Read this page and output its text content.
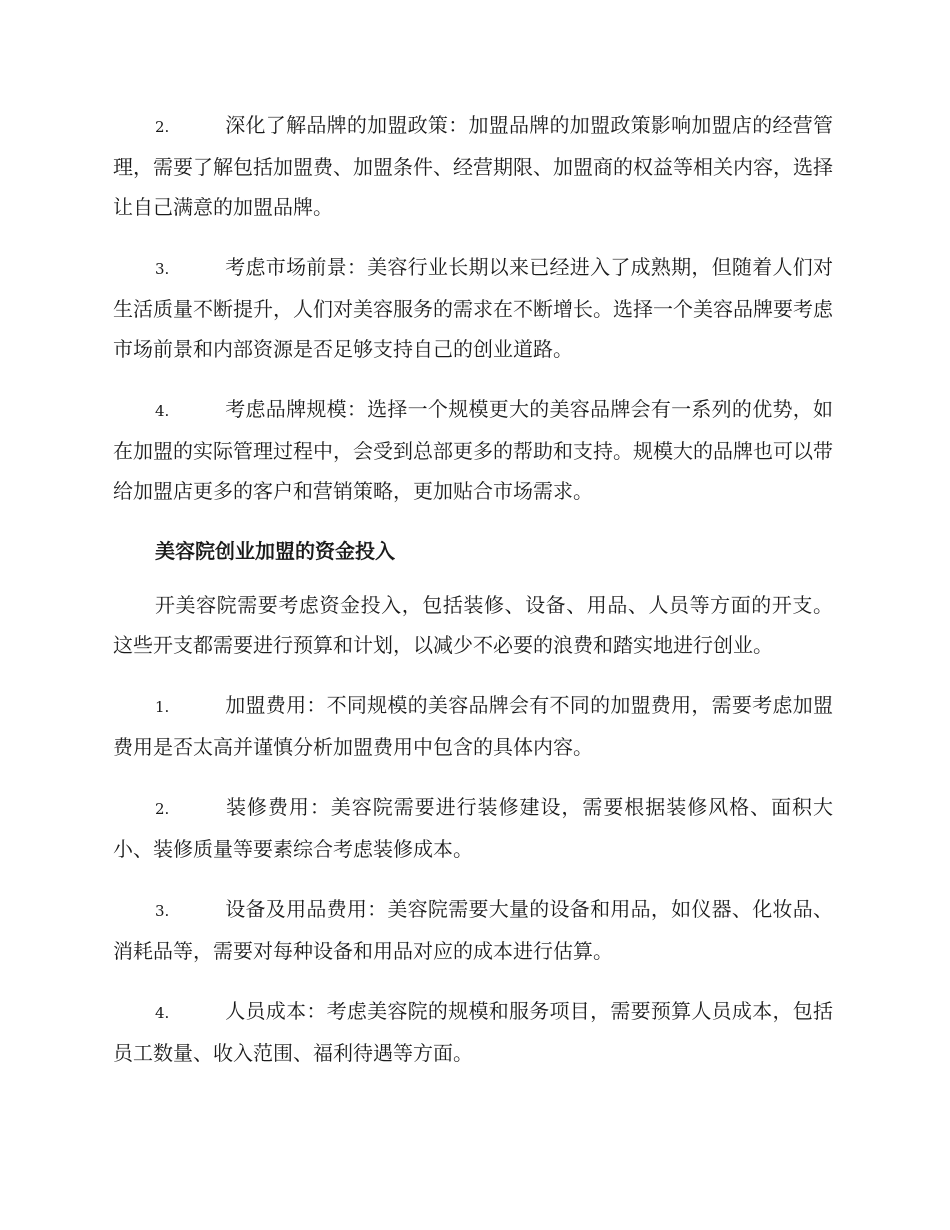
2.	深化了解品牌的加盟政策：加盟品牌的加盟政策影响加盟店的经营管理，需要了解包括加盟费、加盟条件、经营期限、加盟商的权益等相关内容，选择让自己满意的加盟品牌。

3.	考虑市场前景：美容行业长期以来已经进入了成熟期，但随着人们对生活质量不断提升，人们对美容服务的需求在不断增长。选择一个美容品牌要考虑市场前景和内部资源是否足够支持自己的创业道路。

4.	考虑品牌规模：选择一个规模更大的美容品牌会有一系列的优势，如在加盟的实际管理过程中，会受到总部更多的帮助和支持。规模大的品牌也可以带给加盟店更多的客户和营销策略，更加贴合市场需求。

美容院创业加盟的资金投入

开美容院需要考虑资金投入，包括装修、设备、用品、人员等方面的开支。这些开支都需要进行预算和计划，以减少不必要的浪费和踏实地进行创业。

1.	加盟费用：不同规模的美容品牌会有不同的加盟费用，需要考虑加盟费用是否太高并谨慎分析加盟费用中包含的具体内容。

2.	装修费用：美容院需要进行装修建设，需要根据装修风格、面积大小、装修质量等要素综合考虑装修成本。

3.	设备及用品费用：美容院需要大量的设备和用品，如仪器、化妆品、消耗品等，需要对每种设备和用品对应的成本进行估算。

4.	人员成本：考虑美容院的规模和服务项目，需要预算人员成本，包括员工数量、收入范围、福利待遇等方面。
